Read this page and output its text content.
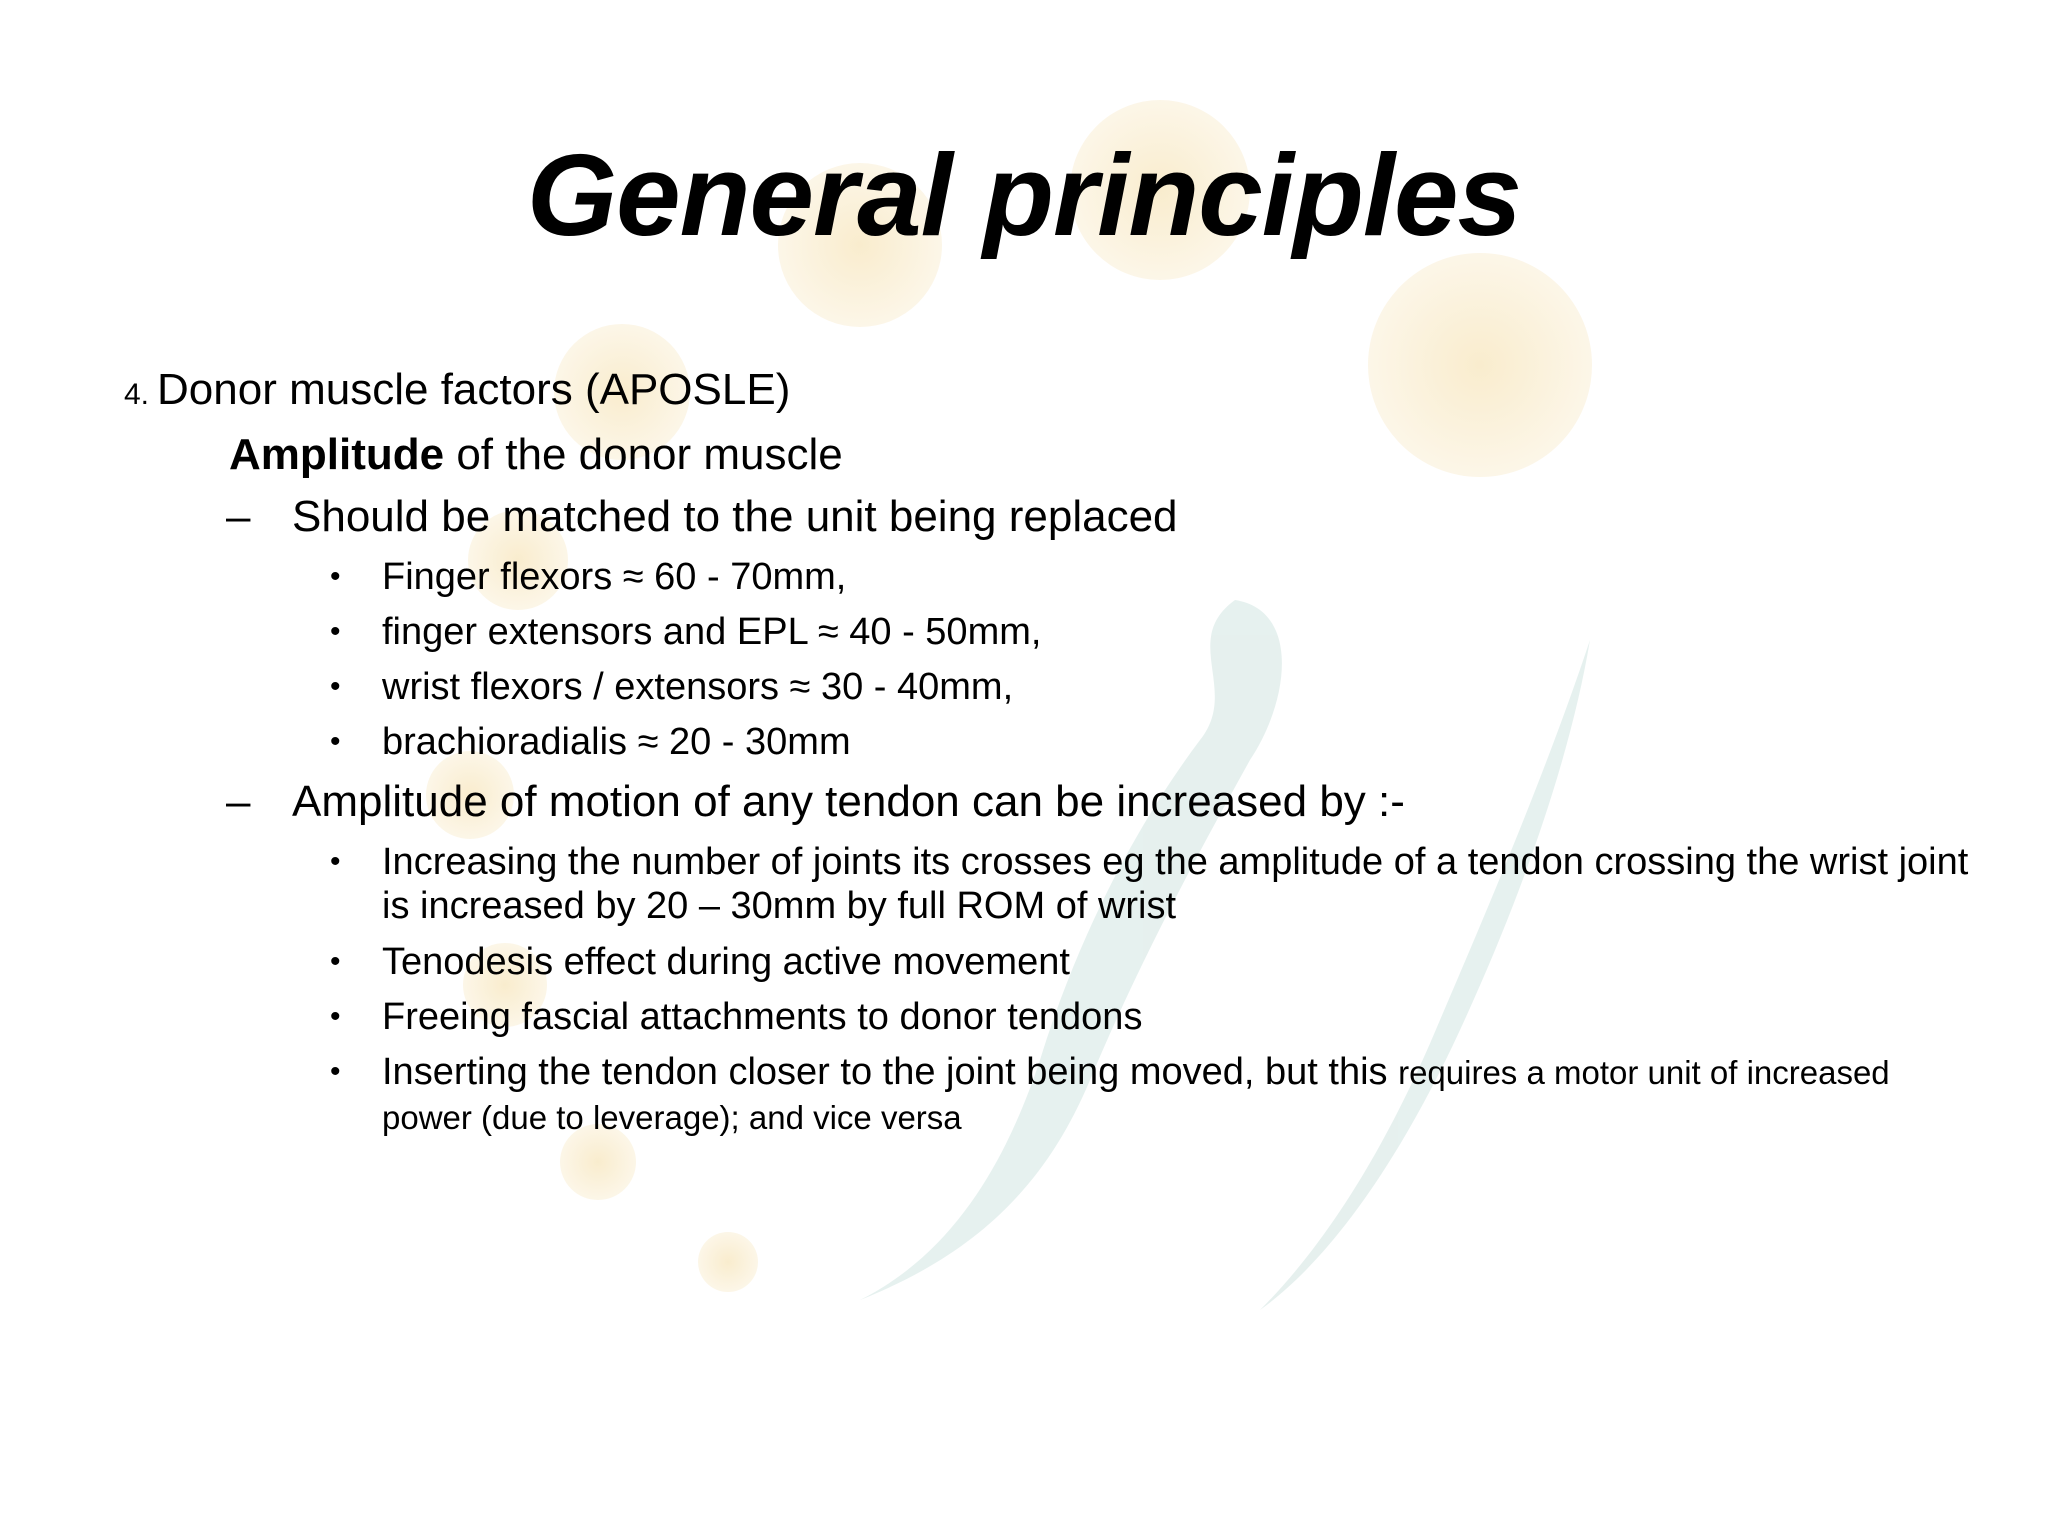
General principles
4. Donor muscle factors (APOSLE)
Amplitude of the donor muscle
– Should be matched to the unit being replaced
• Finger flexors ≈ 60 - 70mm,
• finger extensors and EPL ≈ 40 - 50mm,
• wrist flexors / extensors ≈ 30 - 40mm,
• brachioradialis ≈ 20 - 30mm
– Amplitude of motion of any tendon can be increased by :-
• Increasing the number of joints its crosses eg the amplitude of a tendon crossing the wrist joint is increased by 20 – 30mm by full ROM of wrist
• Tenodesis effect during active movement
• Freeing fascial attachments to donor tendons
• Inserting the tendon closer to the joint being moved, but this requires a motor unit of increased power (due to leverage); and vice versa
